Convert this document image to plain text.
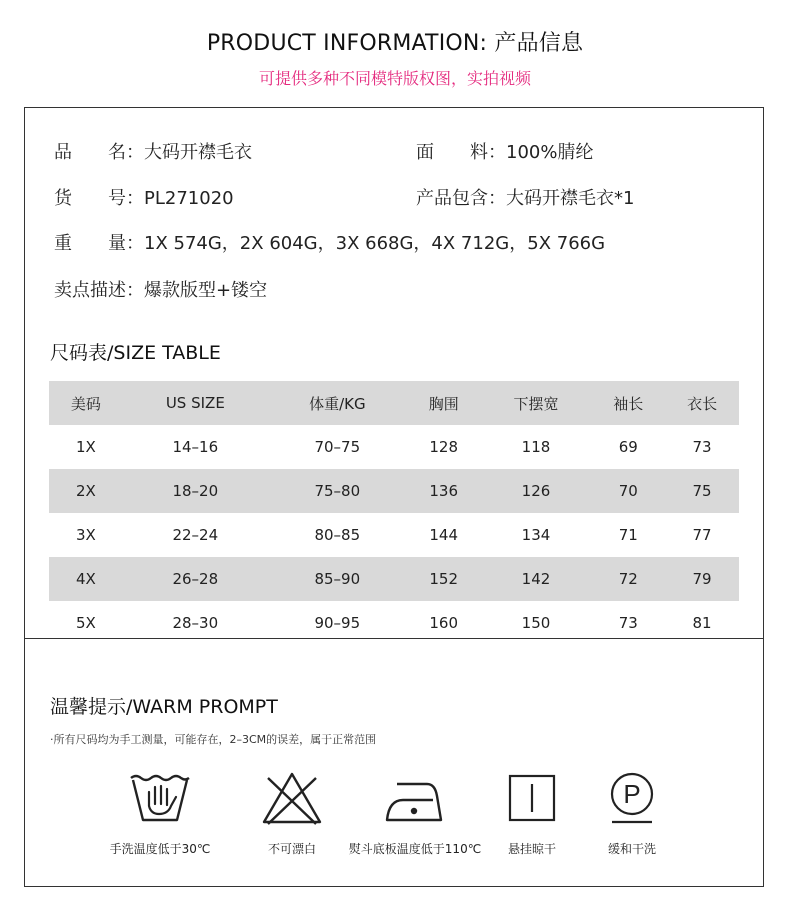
PRODUCT INFORMATION: 产品信息
可提供多种不同模特版权图，实拍视频
品　　名：大码开襟毛衣	面　　料：100%腈纶
货　　号：PL271020	产品包含：大码开襟毛衣*1
重　　量：1X 574G，2X 604G，3X 668G，4X 712G，5X 766G
卖点描述：爆款版型+镂空
尺码表/SIZE TABLE
美码	US SIZE	体重/KG	胸围	下摆宽	袖长	衣长
1X	14–16	70–75	128	118	69	73
2X	18–20	75–80	136	126	70	75
3X	22–24	80–85	144	134	71	77
4X	26–28	85–90	152	142	72	79
5X	28–30	90–95	160	150	73	81
温馨提示/WARM PROMPT
·所有尺码均为手工测量，可能存在，2–3CM的误差，属于正常范围
手洗温度低于30℃	不可漂白	熨斗底板温度低于110℃	悬挂晾干
P
缓和干洗
